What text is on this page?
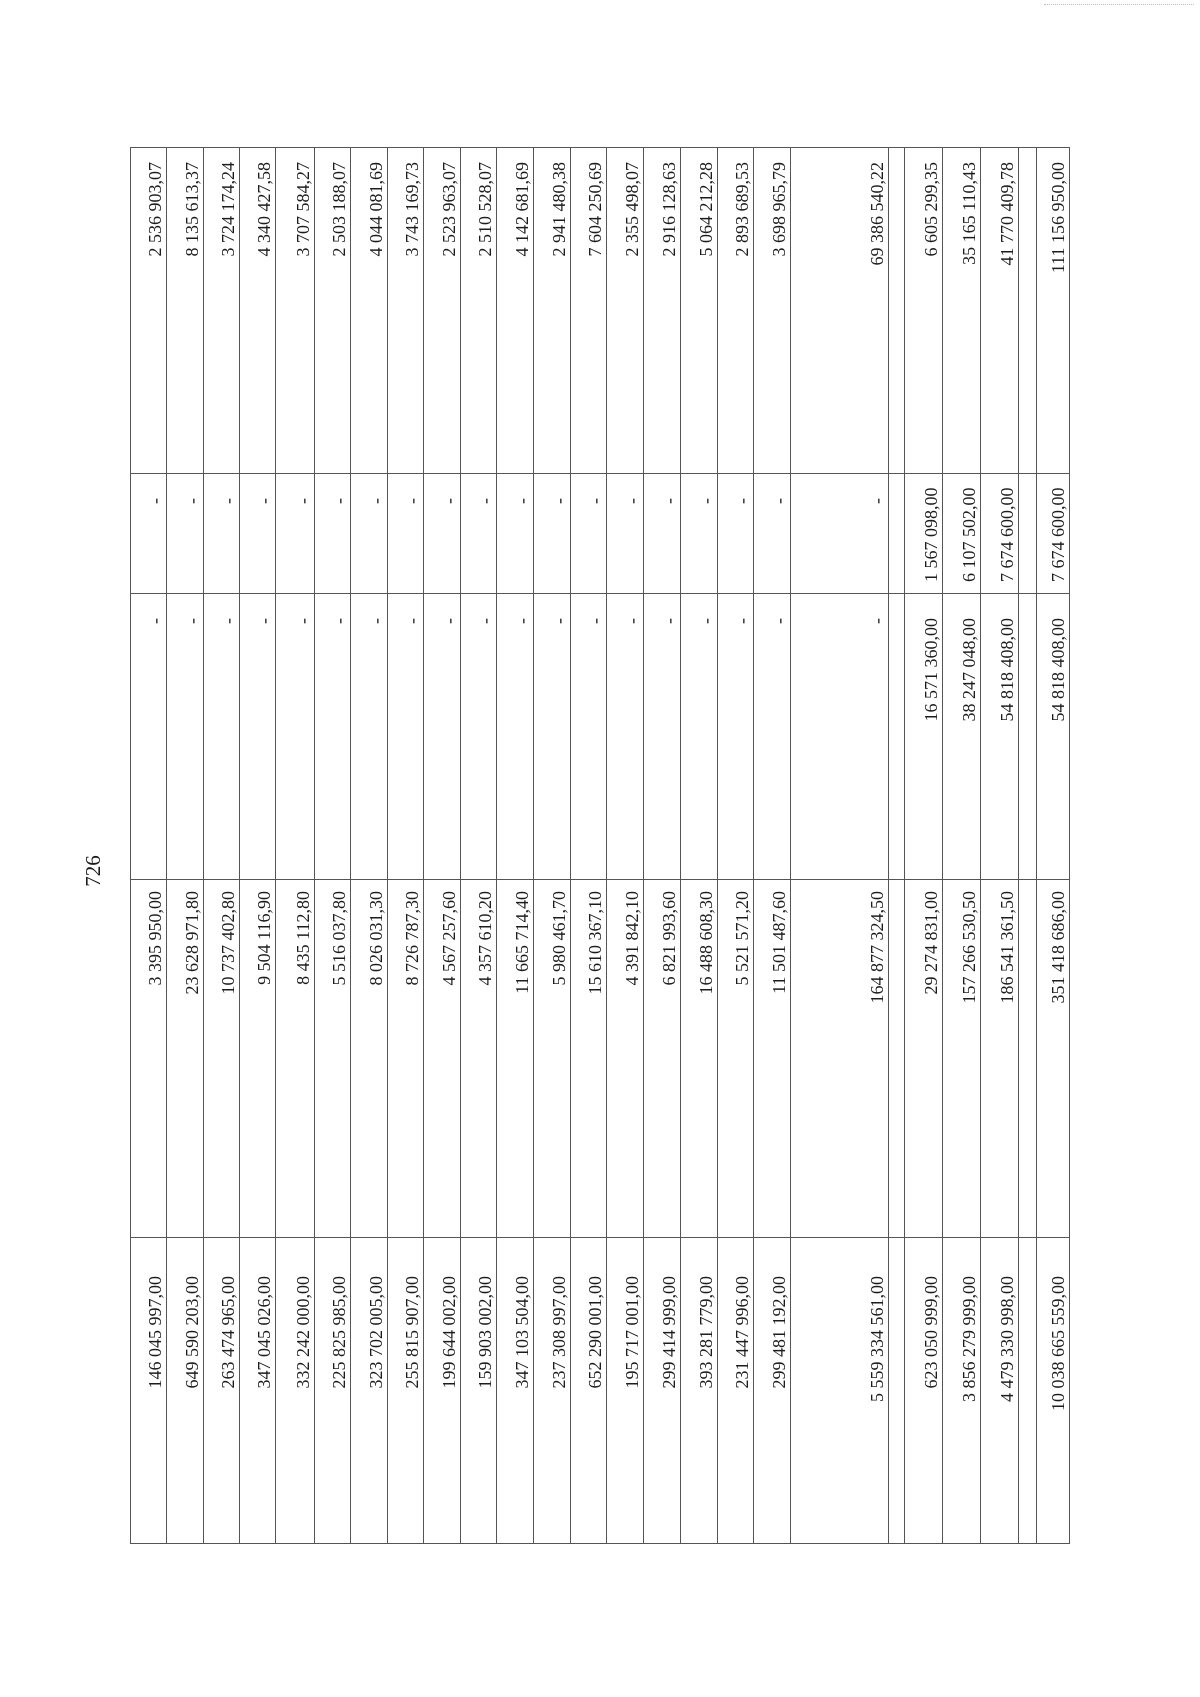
726
146 045 997,00	3 395 950,00	-	-	2 536 903,07
649 590 203,00	23 628 971,80	-	-	8 135 613,37
263 474 965,00	10 737 402,80	-	-	3 724 174,24
347 045 026,00	9 504 116,90	-	-	4 340 427,58
332 242 000,00	8 435 112,80	-	-	3 707 584,27
225 825 985,00	5 516 037,80	-	-	2 503 188,07
323 702 005,00	8 026 031,30	-	-	4 044 081,69
255 815 907,00	8 726 787,30	-	-	3 743 169,73
199 644 002,00	4 567 257,60	-	-	2 523 963,07
159 903 002,00	4 357 610,20	-	-	2 510 528,07
347 103 504,00	11 665 714,40	-	-	4 142 681,69
237 308 997,00	5 980 461,70	-	-	2 941 480,38
652 290 001,00	15 610 367,10	-	-	7 604 250,69
195 717 001,00	4 391 842,10	-	-	2 355 498,07
299 414 999,00	6 821 993,60	-	-	2 916 128,63
393 281 779,00	16 488 608,30	-	-	5 064 212,28
231 447 996,00	5 521 571,20	-	-	2 893 689,53
299 481 192,00	11 501 487,60	-	-	3 698 965,79
5 559 334 561,00	164 877 324,50	-	-	69 386 540,22

623 050 999,00	29 274 831,00	16 571 360,00	1 567 098,00	6 605 299,35
3 856 279 999,00	157 266 530,50	38 247 048,00	6 107 502,00	35 165 110,43
4 479 330 998,00	186 541 361,50	54 818 408,00	7 674 600,00	41 770 409,78

10 038 665 559,00	351 418 686,00	54 818 408,00	7 674 600,00	111 156 950,00
